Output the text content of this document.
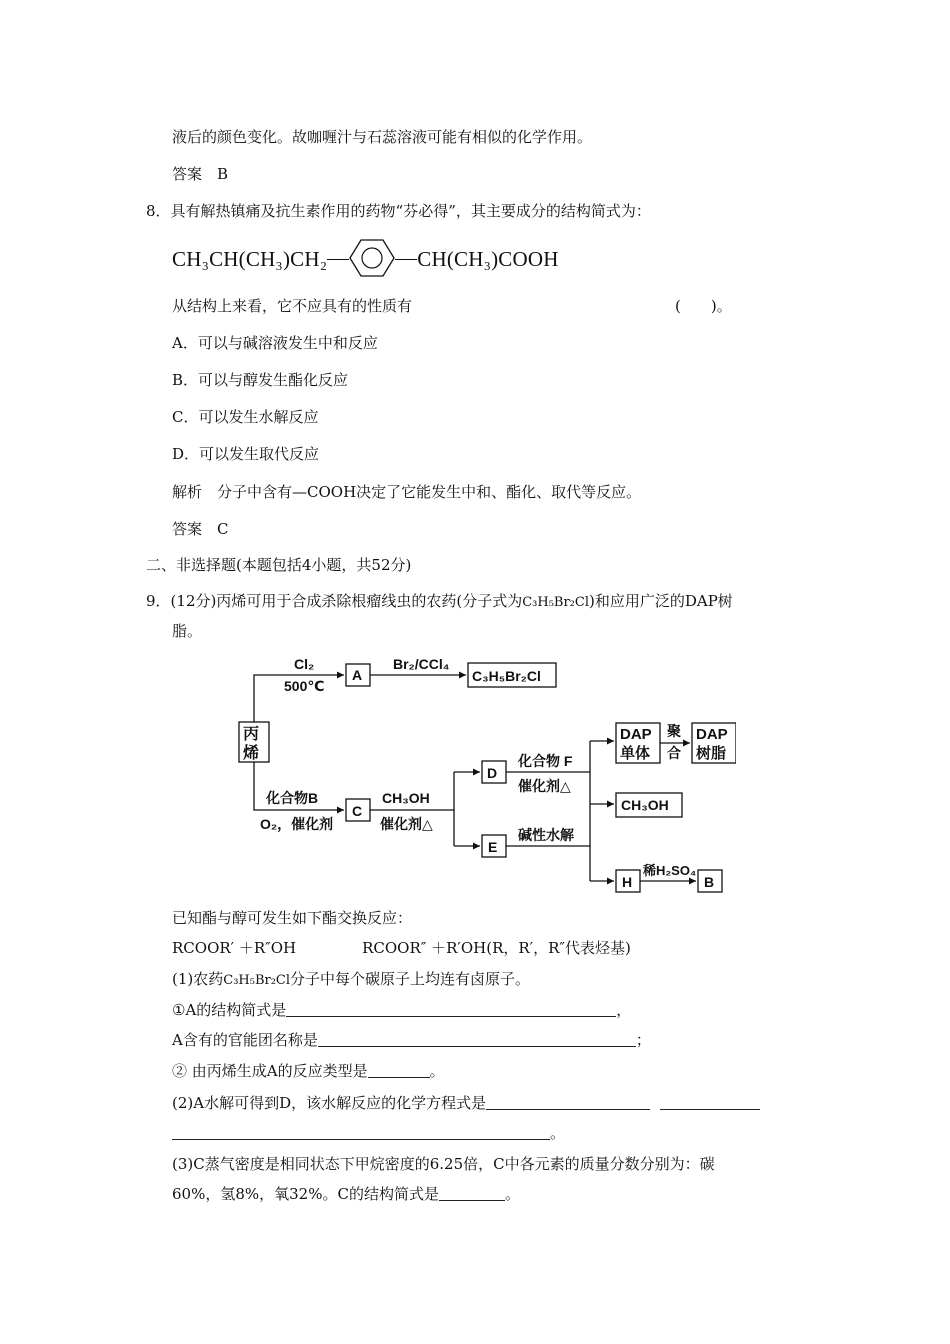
液后的颜色变化。故咖喱汁与石蕊溶液可能有相似的化学作用。
答案　B
8．具有解热镇痛及抗生素作用的药物“芬必得”，其主要成分的结构简式为：
CH₃CH(CH₃)CH₂	CH(CH₃)COOH
从结构上来看，它不应具有的性质有	(　　)。
A．可以与碱溶液发生中和反应
B．可以与醇发生酯化反应
C．可以发生水解反应
D．可以发生取代反应
解析　分子中含有—COOH决定了它能发生中和、酯化、取代等反应。
答案　C
二、非选择题(本题包括4小题，共52分)
9．(12分)丙烯可用于合成杀除根瘤线虫的农药(分子式为C₃H₅Br₂Cl)和应用广泛的DAP树
脂。
丙
烯
Cl₂
500℃
A
Br₂/CCl₄
C₃H₅Br₂Cl
化合物B
O₂，催化剂
C
CH₃OH
催化剂△
D
E
化合物 F
催化剂△
DAP
单体
聚
合
DAP
树脂
CH₃OH
碱性水解
H
稀H₂SO₄
B
已知酯与醇可发生如下酯交换反应：
RCOOR′ ＋R″OH	RCOOR″ ＋R′OH(R，R′，R″代表烃基)
(1)农药C₃H₅Br₂Cl分子中每个碳原子上均连有卤原子。
①A的结构简式是	，
A含有的官能团名称是	；
② 由丙烯生成A的反应类型是	。
(2)A水解可得到D，该水解反应的化学方程式是
。
(3)C蒸气密度是相同状态下甲烷密度的6.25倍，C中各元素的质量分数分别为：碳
60%，氢8%，氧32%。C的结构简式是	。
